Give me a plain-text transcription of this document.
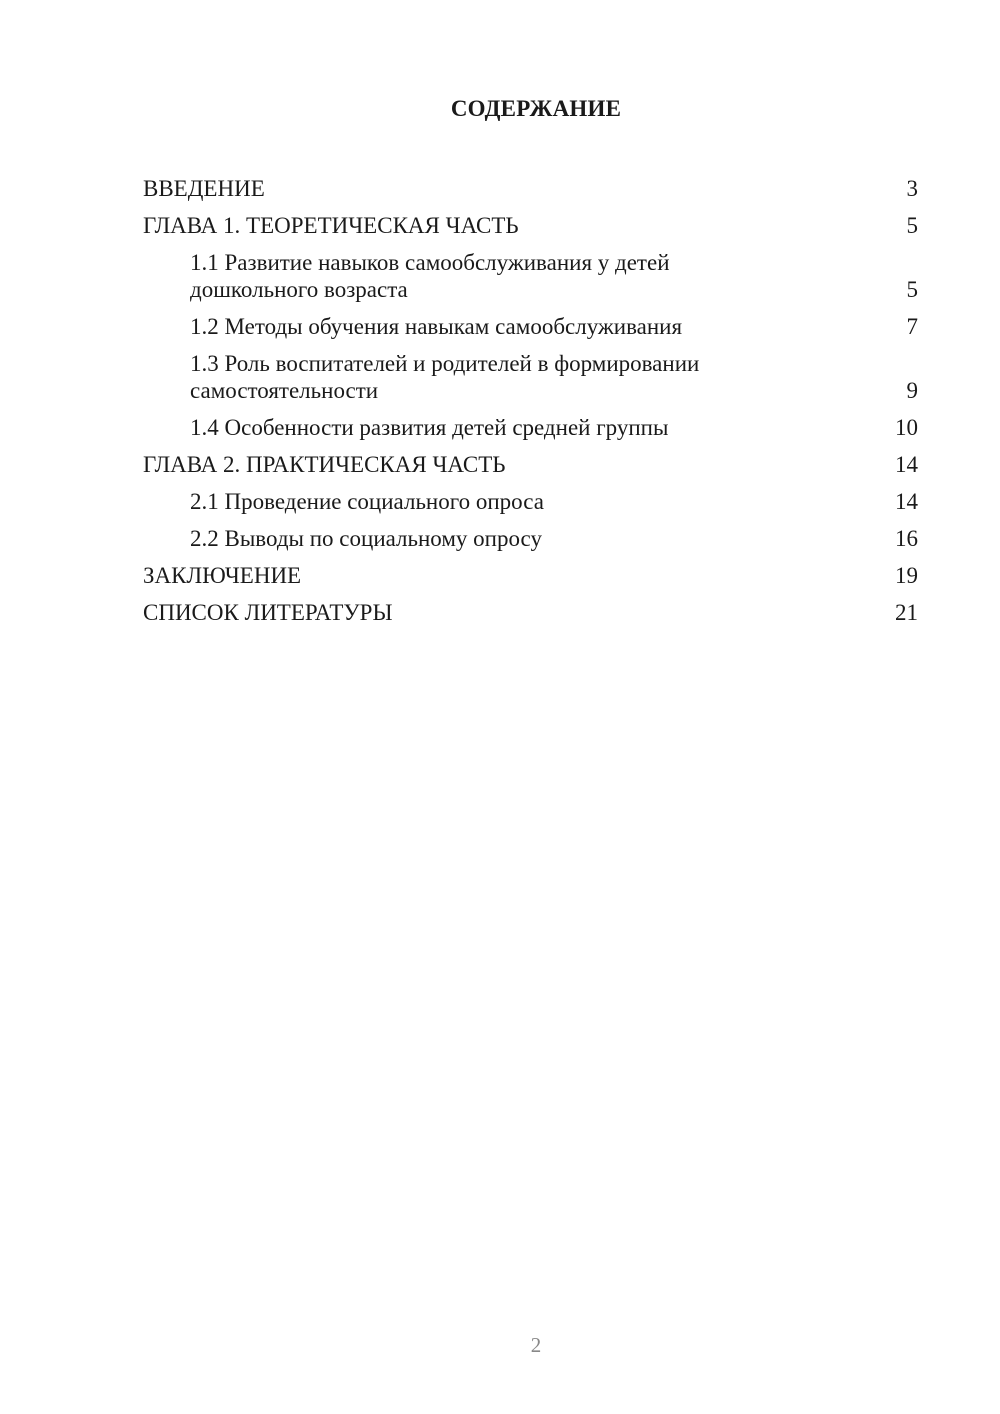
СОДЕРЖАНИЕ
ВВЕДЕНИЕ	3
ГЛАВА 1. ТЕОРЕТИЧЕСКАЯ ЧАСТЬ	5
1.1 Развитие навыков самообслуживания у детей дошкольного возраста	5
1.2 Методы обучения навыкам самообслуживания	7
1.3 Роль воспитателей и родителей в формировании самостоятельности	9
1.4 Особенности развития детей средней группы	10
ГЛАВА 2. ПРАКТИЧЕСКАЯ ЧАСТЬ	14
2.1 Проведение социального опроса	14
2.2 Выводы по социальному опросу	16
ЗАКЛЮЧЕНИЕ	19
СПИСОК ЛИТЕРАТУРЫ	21
2
